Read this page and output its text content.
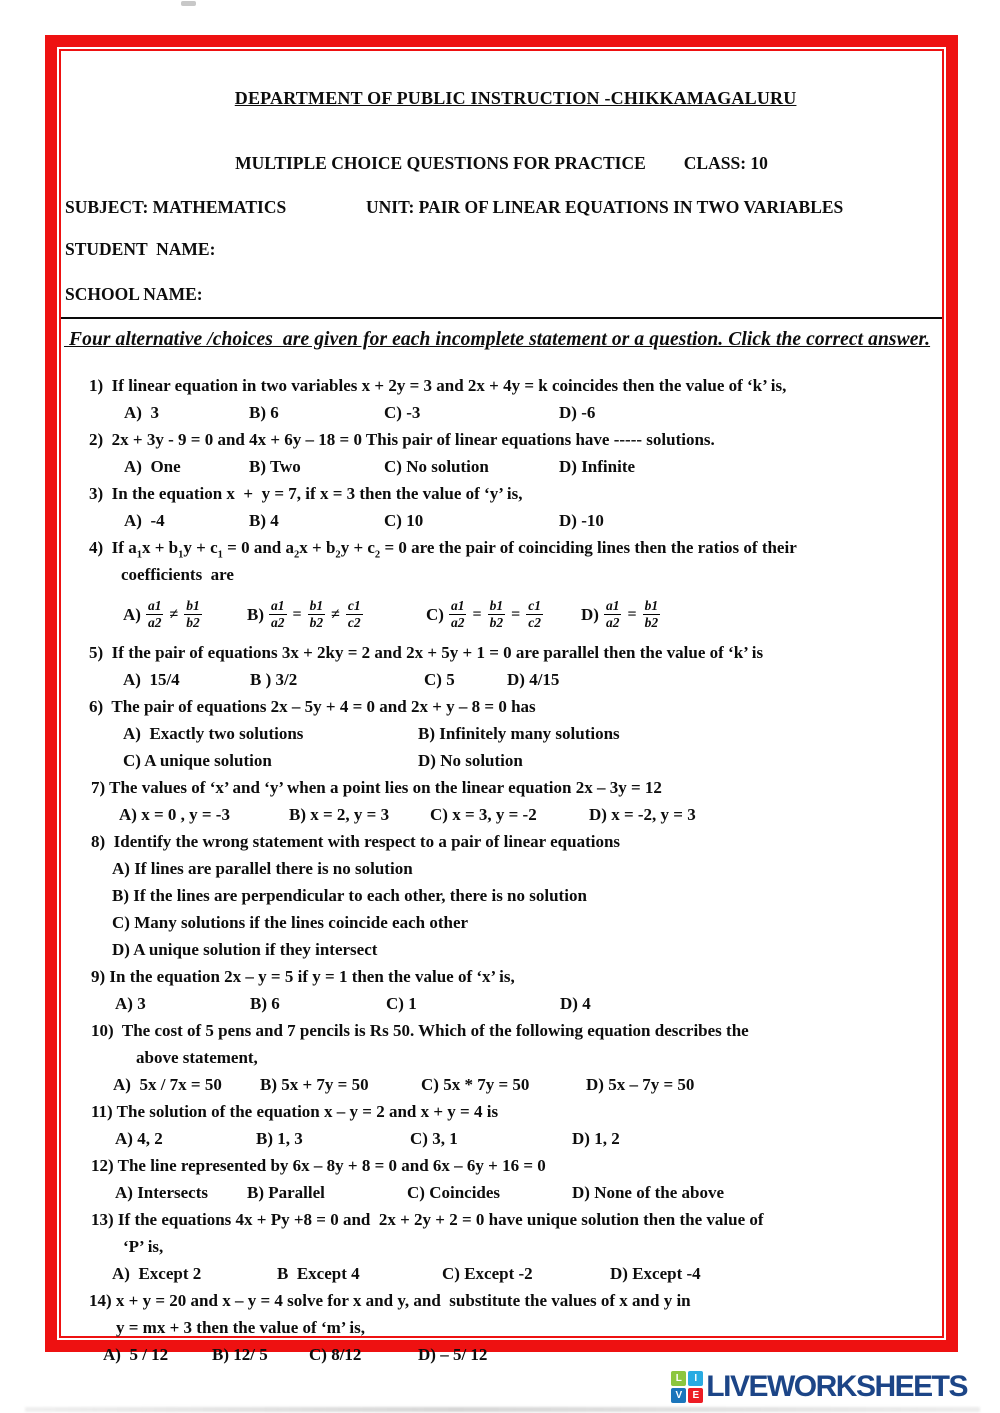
DEPARTMENT OF PUBLIC INSTRUCTION -CHIKKAMAGALURU

MULTIPLE CHOICE QUESTIONS FOR PRACTICE CLASS: 10
SUBJECT: MATHEMATICS	UNIT: PAIR OF LINEAR EQUATIONS IN TWO VARIABLES
STUDENT  NAME:
SCHOOL NAME:

Four alternative /choices  are given for each incomplete statement or a question. Click the correct answer.

1)  If linear equation in two variables x + 2y = 3 and 2x + 4y = k coincides then the value of ‘k’ is,
A)  3	B) 6	C) -3	D) -6
2)  2x + 3y - 9 = 0 and 4x + 6y – 18 = 0 This pair of linear equations have ----- solutions.
A)  One	B) Two	C) No solution	D) Infinite
3)  In the equation x  +  y = 7, if x = 3 then the value of ‘y’ is,
A)  -4	B) 4	C) 10	D) -10
4)  If $a_1x + b_1y + c_1 = 0$ and $a_2x + b_2y + c_2 = 0$ are the pair of coinciding lines then the ratios of their
coefficients  are
$A) \frac{a1}{a2} \ne \frac{b1}{b2}$	$B) \frac{a1}{a2} = \frac{b1}{b2} \ne \frac{c1}{c2}$	$C) \frac{a1}{a2} = \frac{b1}{b2} = \frac{c1}{c2} D) \frac{a1}{a2} = \frac{b1}{b2}$
5)  If the pair of equations 3x + 2ky = 2 and 2x + 5y + 1 = 0 are parallel then the value of ‘k’ is
A)  15/4	B ) 3/2	C) 5	D) 4/15
6)  The pair of equations 2x – 5y + 4 = 0 and 2x + y – 8 = 0 has
A)  Exactly two solutions	B) Infinitely many solutions
C) A unique solution	D) No solution
7) The values of ‘x’ and ‘y’ when a point lies on the linear equation 2x – 3y = 12
A) x = 0 , y = -3	B) x = 2, y = 3 C) x = 3, y = -2	D) x = -2, y = 3
8)  Identify the wrong statement with respect to a pair of linear equations
A) If lines are parallel there is no solution
B) If the lines are perpendicular to each other, there is no solution
C) Many solutions if the lines coincide each other
D) A unique solution if they intersect
9) In the equation 2x – y = 5 if y = 1 then the value of ‘x’ is,
A) 3	B) 6	C) 1	D) 4
10)  The cost of 5 pens and 7 pencils is Rs 50. Which of the following equation describes the
above statement,
A)  5x / 7x = 50 B) 5x + 7y = 50	C) 5x * 7y = 50	D) 5x – 7y = 50
11) The solution of the equation x – y = 2 and x + y = 4 is
A) 4, 2	B) 1, 3	C) 3, 1	D) 1, 2
12) The line represented by 6x – 8y + 8 = 0 and 6x – 6y + 16 = 0
A) Intersects B) Parallel	C) Coincides	D) None of the above
13) If the equations 4x + Py +8 = 0 and  2x + 2y + 2 = 0 have unique solution then the value of
‘P’ is,
A)  Except 2	B  Except 4	C) Except -2	D) Except -4
14) x + y = 20 and x – y = 4 solve for x and y, and  substitute the values of x and y in
y = mx + 3 then the value of ‘m’ is,
A)  5 / 12	B) 12/ 5 C) 8/12	D) – 5/ 12
L	I
V	E LIVEWORKSHEETS
